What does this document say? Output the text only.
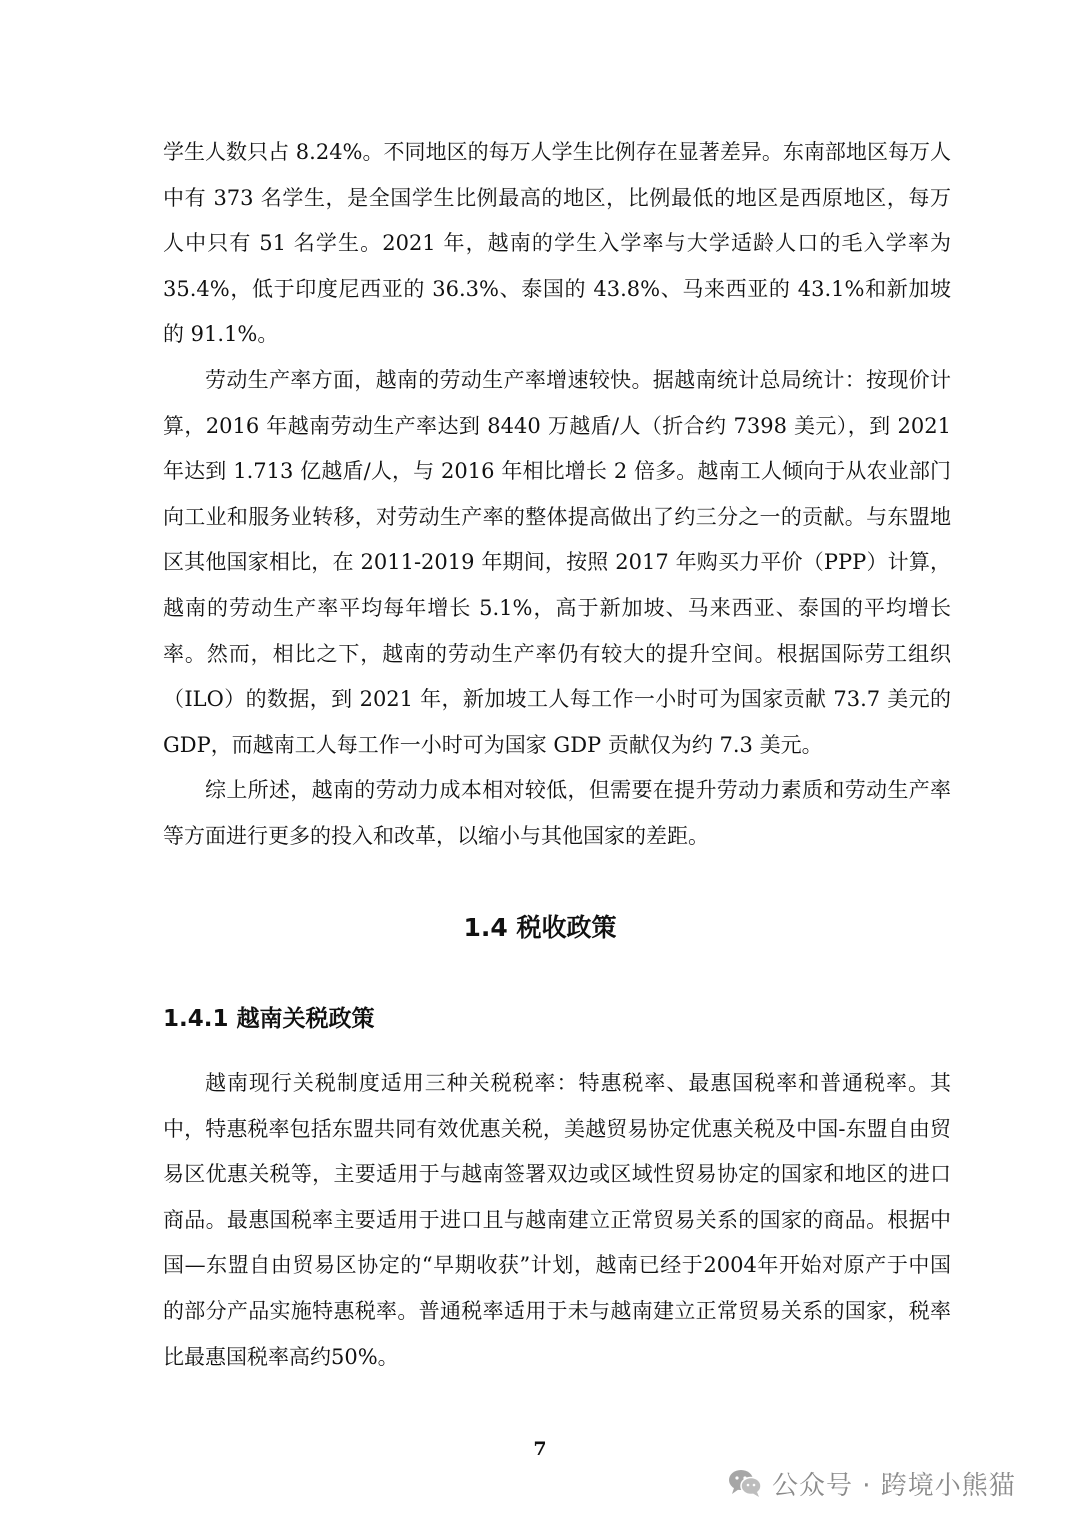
学生人数只占 8.24%。不同地区的每万人学生比例存在显著差异。东南部地区每万人中有 373 名学生，是全国学生比例最高的地区，比例最低的地区是西原地区，每万人中只有 51 名学生。2021 年，越南的学生入学率与大学适龄人口的毛入学率为 35.4%，低于印度尼西亚的 36.3%、泰国的 43.8%、马来西亚的 43.1%和新加坡的 91.1%。

劳动生产率方面，越南的劳动生产率增速较快。据越南统计总局统计：按现价计算，2016 年越南劳动生产率达到 8440 万越盾/人（折合约 7398 美元），到 2021 年达到 1.713 亿越盾/人，与 2016 年相比增长 2 倍多。越南工人倾向于从农业部门向工业和服务业转移，对劳动生产率的整体提高做出了约三分之一的贡献。与东盟地区其他国家相比，在 2011-2019 年期间，按照 2017 年购买力平价（PPP）计算，越南的劳动生产率平均每年增长 5.1%，高于新加坡、马来西亚、泰国的平均增长率。然而，相比之下，越南的劳动生产率仍有较大的提升空间。根据国际劳工组织（ILO）的数据，到 2021 年，新加坡工人每工作一小时可为国家贡献 73.7 美元的 GDP，而越南工人每工作一小时可为国家 GDP 贡献仅为约 7.3 美元。

综上所述，越南的劳动力成本相对较低，但需要在提升劳动力素质和劳动生产率等方面进行更多的投入和改革，以缩小与其他国家的差距。

1.4 税收政策
1.4.1 越南关税政策

越南现行关税制度适用三种关税税率：特惠税率、最惠国税率和普通税率。其中，特惠税率包括东盟共同有效优惠关税，美越贸易协定优惠关税及中国-东盟自由贸易区优惠关税等，主要适用于与越南签署双边或区域性贸易协定的国家和地区的进口商品。最惠国税率主要适用于进口且与越南建立正常贸易关系的国家的商品。根据中国—东盟自由贸易区协定的“早期收获”计划，越南已经于2004年开始对原产于中国的部分产品实施特惠税率。普通税率适用于未与越南建立正常贸易关系的国家，税率比最惠国税率高约50%。

7
公众号 · 跨境小熊猫
